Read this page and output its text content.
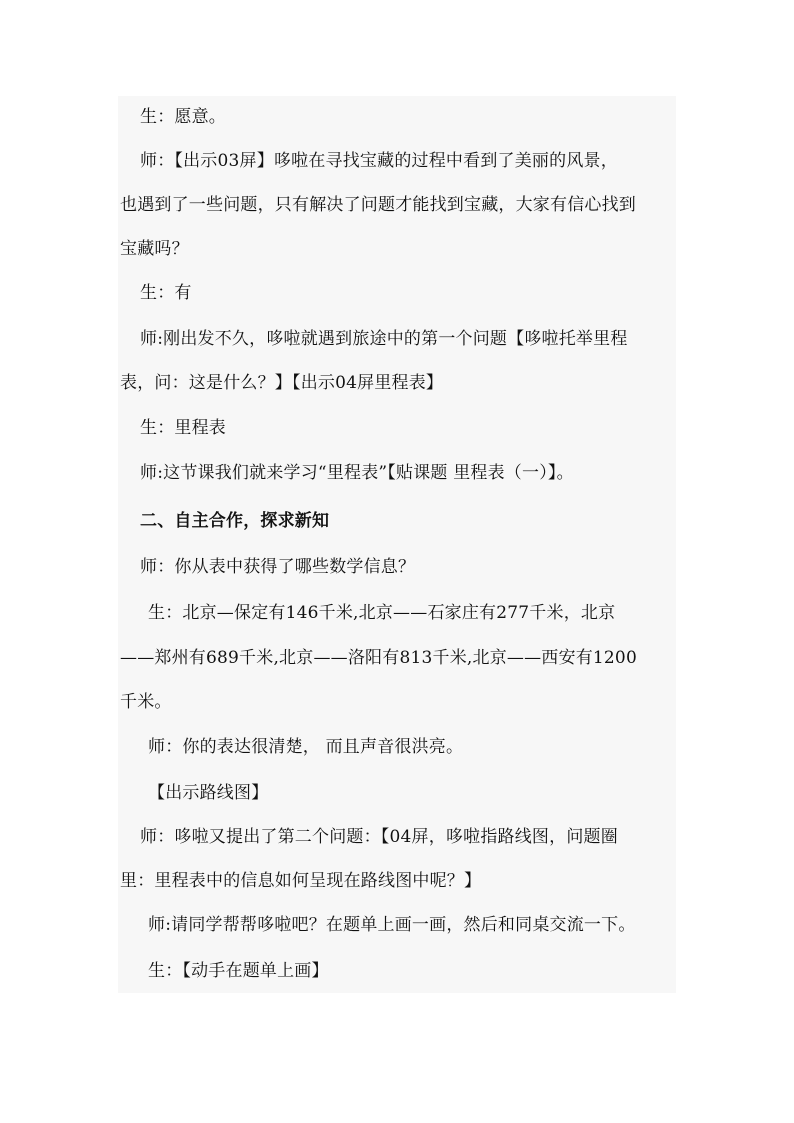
生：愿意。
师：【出示03屏】哆啦在寻找宝藏的过程中看到了美丽的风景，
也遇到了一些问题，只有解决了问题才能找到宝藏，大家有信心找到
宝藏吗？
生：有
师:刚出发不久，哆啦就遇到旅途中的第一个问题【哆啦托举里程
表，问：这是什么？】【出示04屏里程表】
生：里程表
师:这节课我们就来学习“里程表”【贴课题 里程表（一）】。
二、自主合作，探求新知
师：你从表中获得了哪些数学信息？
生：北京—保定有146千米,北京——石家庄有277千米，北京
——郑州有689千米,北京——洛阳有813千米,北京——西安有1200
千米。
师：你的表达很清楚， 而且声音很洪亮。
【出示路线图】
师：哆啦又提出了第二个问题：【04屏，哆啦指路线图，问题圈
里：里程表中的信息如何呈现在路线图中呢？】
师:请同学帮帮哆啦吧？在题单上画一画，然后和同桌交流一下。
生：【动手在题单上画】
